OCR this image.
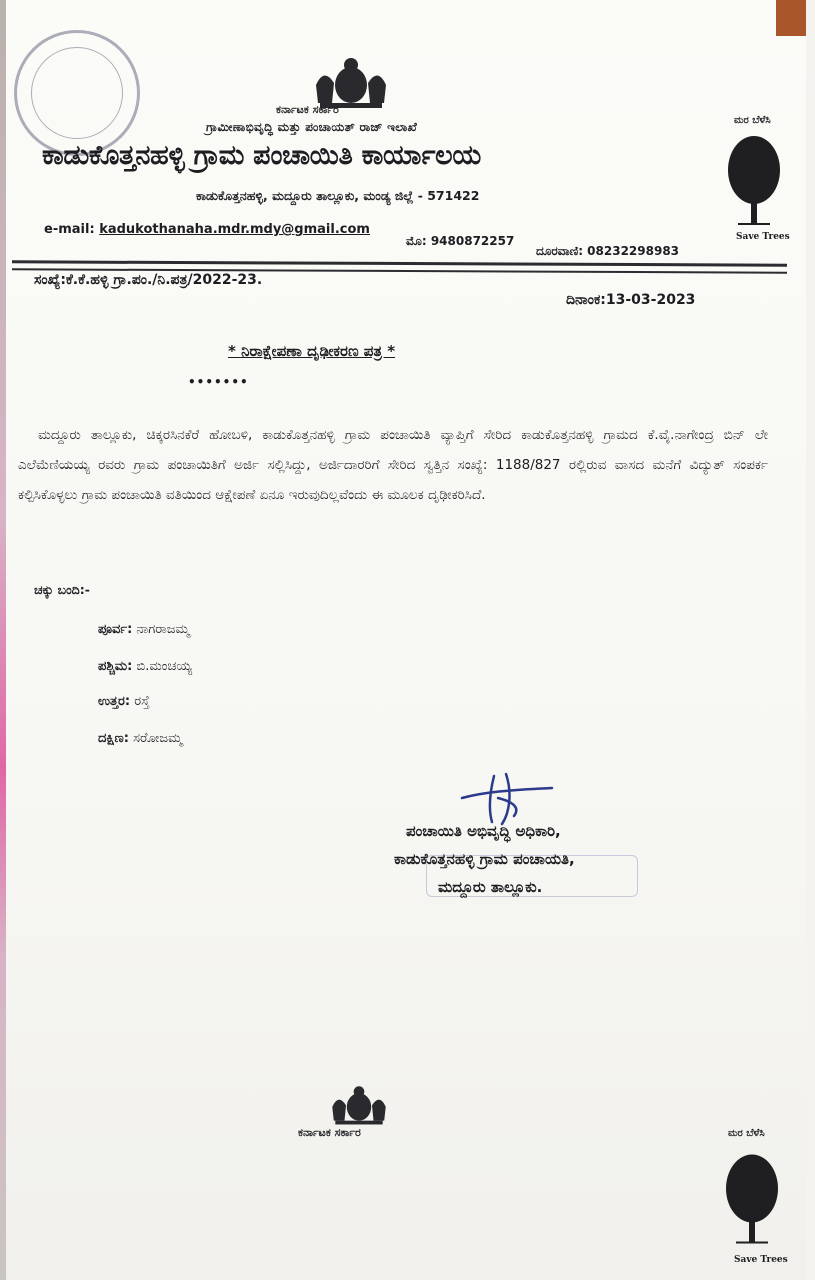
ಕರ್ನಾಟಕ ಸರ್ಕಾರ
ಗ್ರಾಮೀಣಾಭಿವೃದ್ಧಿ ಮತ್ತು ಪಂಚಾಯತ್ ರಾಜ್ ಇಲಾಖೆ
ಕಾಡುಕೊತ್ತನಹಳ್ಳಿ ಗ್ರಾಮ ಪಂಚಾಯಿತಿ ಕಾರ್ಯಾಲಯ
ಕಾಡುಕೊತ್ತನಹಳ್ಳಿ, ಮದ್ದೂರು ತಾಲ್ಲೂಕು, ಮಂಡ್ಯ ಜಿಲ್ಲೆ - 571422
ಮರ ಬೆಳೆಸಿ
Save Trees
e-mail: kadukothanaha.mdr.mdy@gmail.com
ಮೊ: 9480872257
ದೂರವಾಣಿ: 08232298983
ಸಂಖ್ಯೆ:ಕೆ.ಕೆ.ಹಳ್ಳಿ ಗ್ರಾ.ಪಂ./ನಿ.ಪತ್ರ/2022-23.
ದಿನಾಂಕ:13-03-2023
* ನಿರಾಕ್ಷೇಪಣಾ ದೃಢೀಕರಣ ಪತ್ರ *
•••••••

ಮದ್ದೂರು ತಾಲ್ಲೂಕು, ಚಿಕ್ಕರಸಿನಕೆರೆ ಹೋಬಳಿ, ಕಾಡುಕೊತ್ತನಹಳ್ಳಿ ಗ್ರಾಮ ಪಂಚಾಯಿತಿ ವ್ಯಾಪ್ತಿಗೆ ಸೇರಿದ ಕಾಡುಕೊತ್ತನಹಳ್ಳಿ ಗ್ರಾಮದ ಕೆ.ವೈ.ನಾಗೇಂದ್ರ ಬಿನ್ ಲೇ ಎಲೆಮೆಣಿಯಯ್ಯ ರವರು ಗ್ರಾಮ ಪಂಚಾಯಿತಿಗೆ ಅರ್ಜಿ ಸಲ್ಲಿಸಿದ್ದು, ಅರ್ಜಿದಾರರಿಗೆ ಸೇರಿದ ಸ್ವತ್ತಿನ ಸಂಖ್ಯೆ: 1188/827 ರಲ್ಲಿರುವ ವಾಸದ ಮನೆಗೆ ವಿದ್ಯುತ್ ಸಂಪರ್ಕ ಕಲ್ಪಿಸಿಕೊಳ್ಳಲು ಗ್ರಾಮ ಪಂಚಾಯಿತಿ ವತಿಯಿಂದ ಆಕ್ಷೇಪಣೆ ಏನೂ ಇರುವುದಿಲ್ಲವೆಂದು ಈ ಮೂಲಕ ದೃಢೀಕರಿಸಿದೆ.

ಚಕ್ಕು ಬಂದಿ:-
ಪೂರ್ವ: ನಾಗರಾಜಮ್ಮ
ಪಶ್ಚಿಮ: ಬಿ.ಮಂಚಯ್ಯ
ಉತ್ತರ: ರಸ್ತೆ
ದಕ್ಷಿಣ: ಸರೋಜಮ್ಮ
ಪಂಚಾಯಿತಿ ಅಭಿವೃದ್ಧಿ ಅಧಿಕಾರಿ,
ಕಾಡುಕೊತ್ತನಹಳ್ಳಿ ಗ್ರಾಮ ಪಂಚಾಯತಿ,
ಮದ್ದೂರು ತಾಲ್ಲೂಕು.
ಕರ್ನಾಟಕ ಸರ್ಕಾರ	ಮರ ಬೆಳೆಸಿ
Save Trees
